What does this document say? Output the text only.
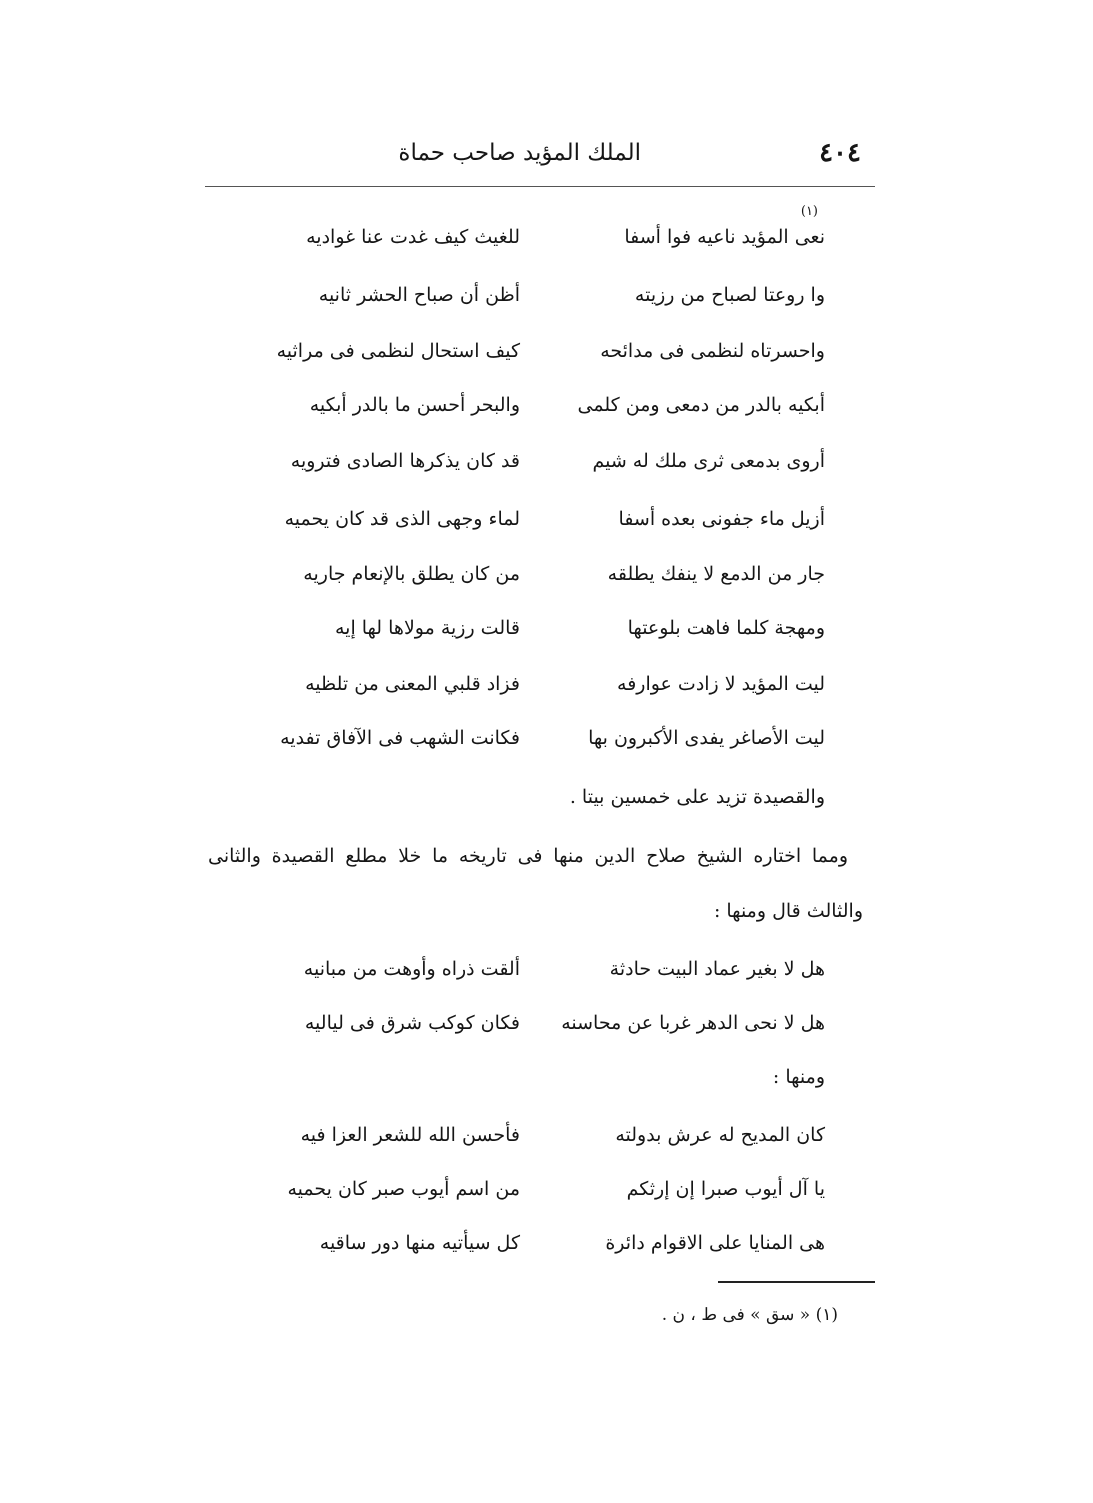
٤٠٤
الملك المؤيد صاحب حماة
(١)
نعى المؤيد ناعيه فوا أسفا
للغيث كيف غدت عنا غواديه
وا روعتا لصباح من رزيته
أظن أن صباح الحشر ثانيه
واحسرتاه لنظمى فى مدائحه
كيف استحال لنظمى فى مراثيه
أبكيه بالدر من دمعى ومن كلمى
والبحر أحسن ما بالدر أبكيه
أروى بدمعى ثرى ملك له شيم
قد كان يذكرها الصادى فترويه
أزيل ماء جفونى بعده أسفا
لماء وجهى الذى قد كان يحميه
جار من الدمع لا ينفك يطلقه
من كان يطلق بالإنعام جاريه
ومهجة كلما فاهت بلوعتها
قالت رزية مولاها لها إيه
ليت المؤيد لا زادت عوارفه
فزاد قلبي المعنى من تلظيه
ليت الأصاغر يفدى الأكبرون بها
فكانت الشهب فى الآفاق تفديه
والقصيدة تزيد على خمسين بيتا .
ومما اختاره الشيخ صلاح الدين منها فى تاريخه ما خلا مطلع القصيدة والثانى
والثالث قال ومنها :
هل لا بغير عماد البيت حادثة
ألقت ذراه وأوهت من مبانيه
هل لا نحى الدهر غربا عن محاسنه
فكان كوكب شرق فى لياليه
ومنها :
كان المديح له عرش بدولته
فأحسن الله للشعر العزا فيه
يا آل أيوب صبرا إن إرثكم
من اسم أيوب صبر كان يحميه
هى المنايا على الاقوام دائرة
كل سيأتيه منها دور ساقيه
(١) « سق » فى ط ، ن .
